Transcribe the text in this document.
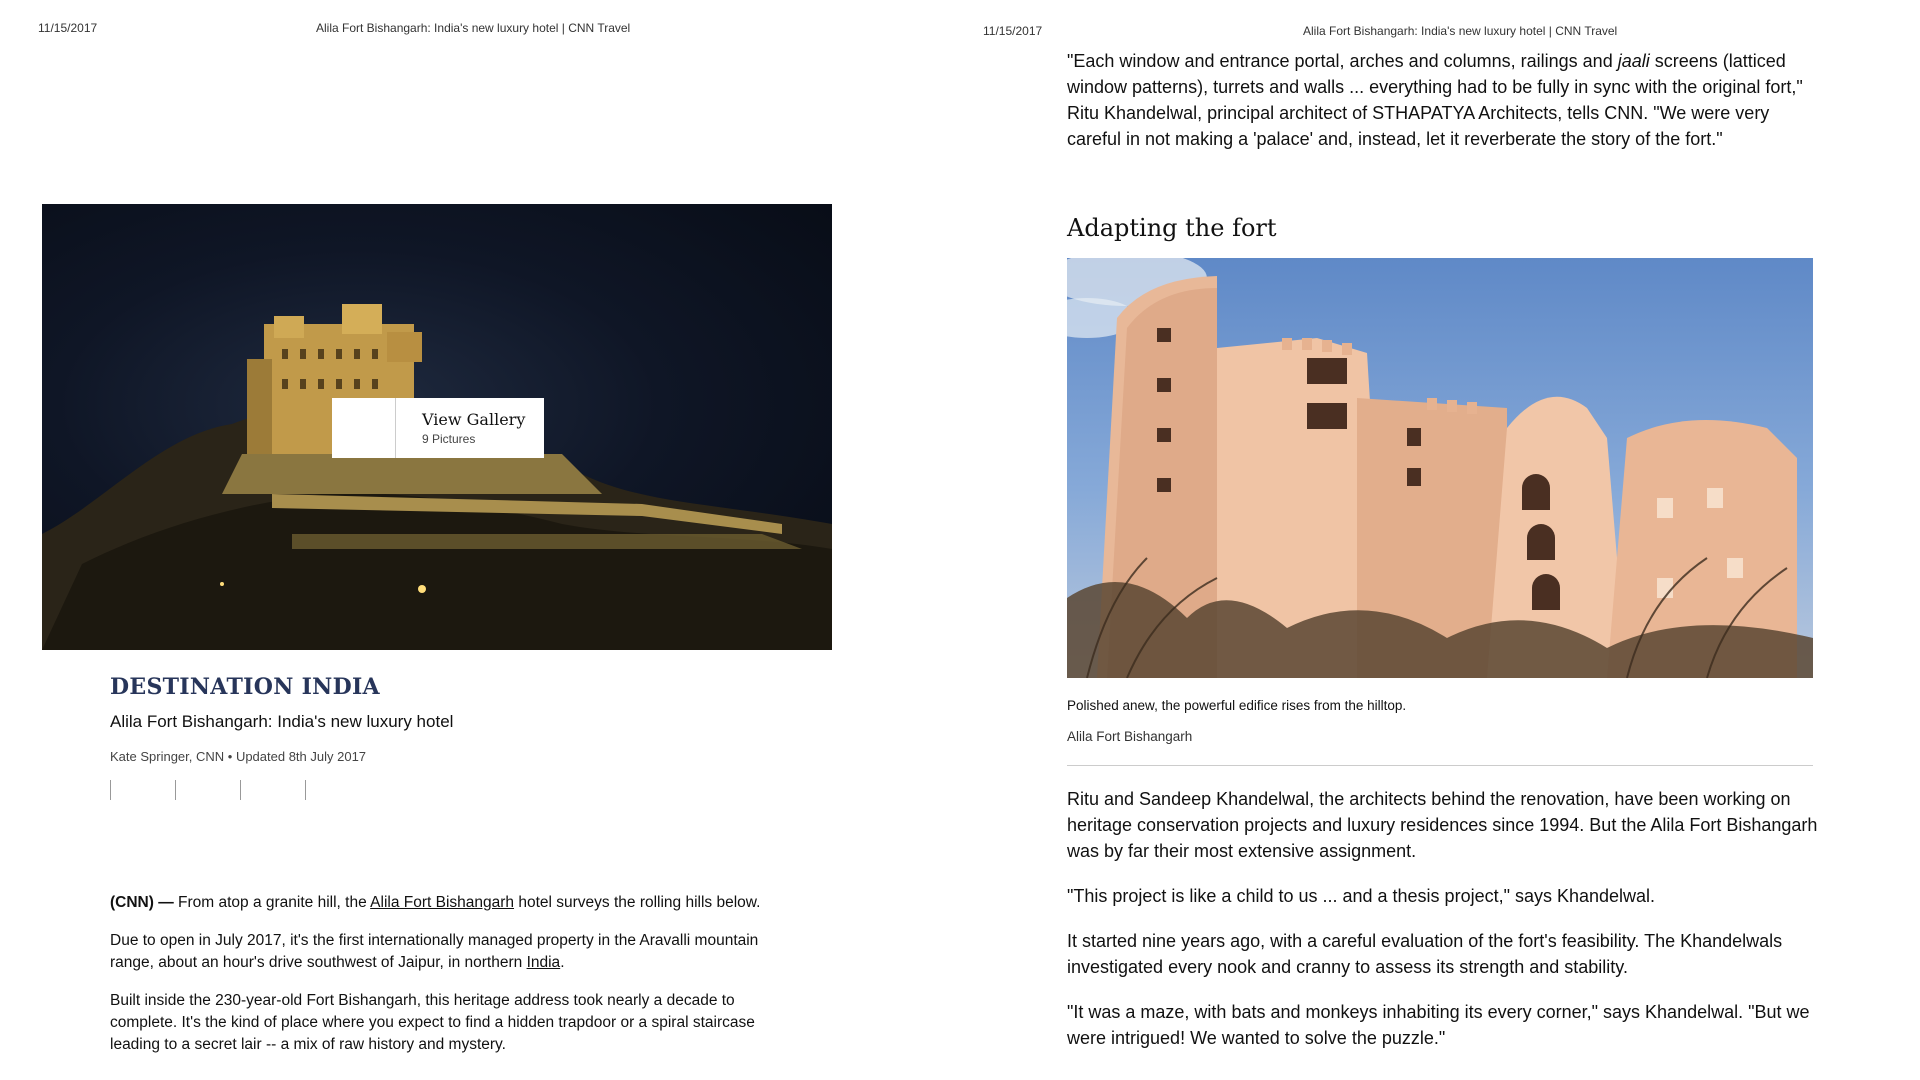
11/15/2017	Alila Fort Bishangarh: India's new luxury hotel | CNN Travel
View Gallery
9 Pictures
DESTINATION INDIA
Alila Fort Bishangarh: India's new luxury hotel
Kate Springer, CNN • Updated 8th July 2017

(CNN) — From atop a granite hill, the Alila Fort Bishangarh hotel surveys the rolling hills below.

Due to open in July 2017, it's the first internationally managed property in the Aravalli mountain range, about an hour's drive southwest of Jaipur, in northern India.

Built inside the 230-year-old Fort Bishangarh, this heritage address took nearly a decade to complete. It's the kind of place where you expect to find a hidden trapdoor or a spiral staircase leading to a secret lair -- a mix of raw history and mystery.

11/15/2017	Alila Fort Bishangarh: India's new luxury hotel | CNN Travel
"Each window and entrance portal, arches and columns, railings and jaali screens (latticed window patterns), turrets and walls ... everything had to be fully in sync with the original fort," Ritu Khandelwal, principal architect of STHAPATYA Architects, tells CNN. "We were very careful in not making a 'palace' and, instead, let it reverberate the story of the fort."
Adapting the fort
Polished anew, the powerful edifice rises from the hilltop.
Alila Fort Bishangarh

Ritu and Sandeep Khandelwal, the architects behind the renovation, have been working on heritage conservation projects and luxury residences since 1994. But the Alila Fort Bishangarh was by far their most extensive assignment.

"This project is like a child to us ... and a thesis project," says Khandelwal.

It started nine years ago, with a careful evaluation of the fort's feasibility. The Khandelwals investigated every nook and cranny to assess its strength and stability.

"It was a maze, with bats and monkeys inhabiting its every corner," says Khandelwal. "But we were intrigued! We wanted to solve the puzzle."
